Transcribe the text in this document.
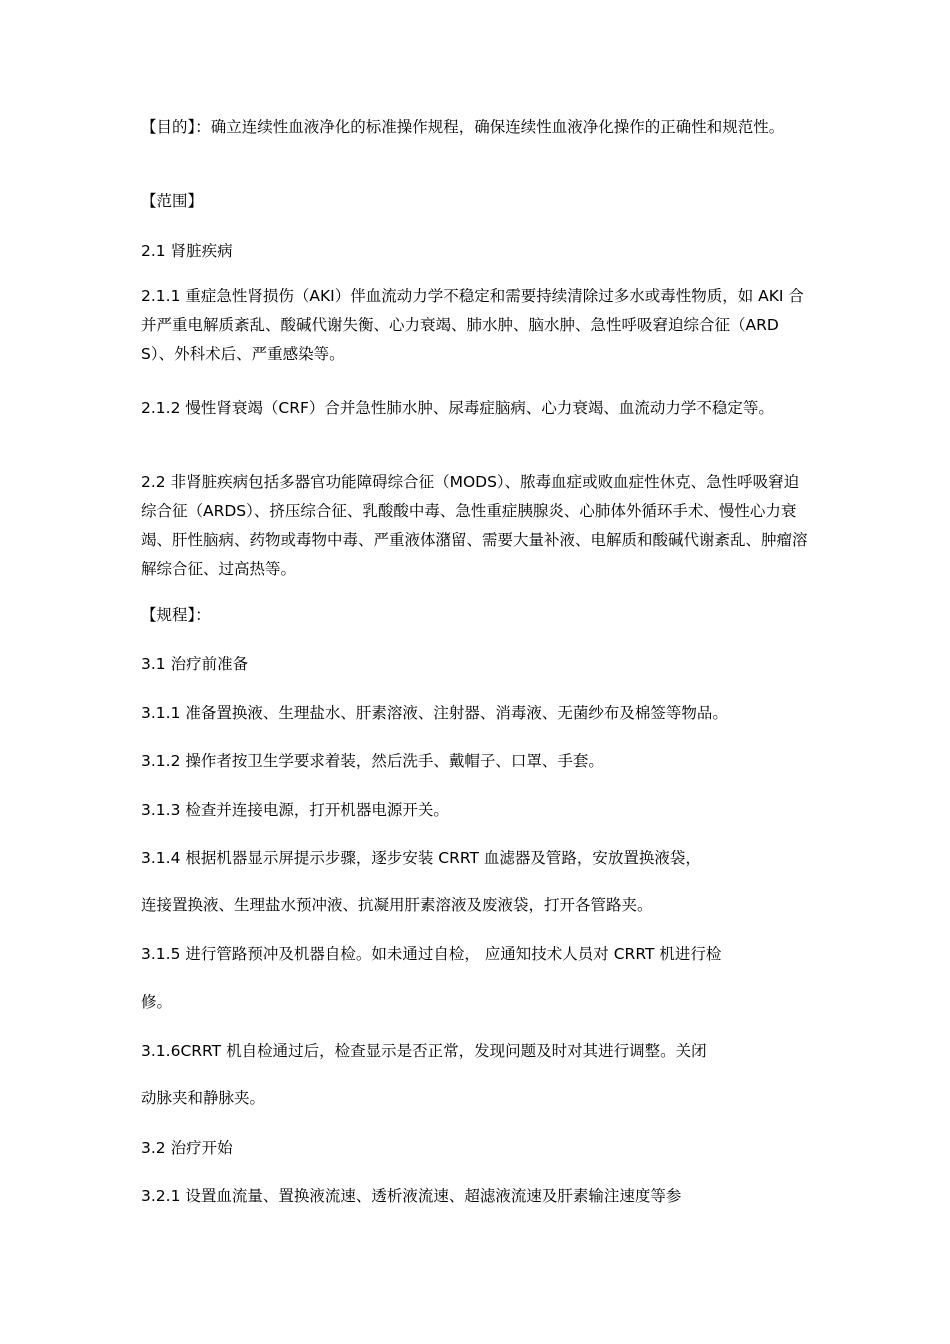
【目的】：确立连续性血液净化的标准操作规程，确保连续性血液净化操作的正确性和规范性。

【范围】

2.1 肾脏疾病

2.1.1 重症急性肾损伤（AKI）伴血流动力学不稳定和需要持续清除过多水或毒性物质，如 AKI 合并严重电解质紊乱、酸碱代谢失衡、心力衰竭、肺水肿、脑水肿、急性呼吸窘迫综合征（ARDS）、外科术后、严重感染等。

2.1.2 慢性肾衰竭（CRF）合并急性肺水肿、尿毒症脑病、心力衰竭、血流动力学不稳定等。

2.2 非肾脏疾病包括多器官功能障碍综合征（MODS）、脓毒血症或败血症性休克、急性呼吸窘迫综合征（ARDS）、挤压综合征、乳酸酸中毒、急性重症胰腺炎、心肺体外循环手术、慢性心力衰竭、肝性脑病、药物或毒物中毒、严重液体潴留、需要大量补液、电解质和酸碱代谢紊乱、肿瘤溶解综合征、过高热等。

【规程】：

3.1 治疗前准备

3.1.1 准备置换液、生理盐水、肝素溶液、注射器、消毒液、无菌纱布及棉签等物品。

3.1.2 操作者按卫生学要求着装，然后洗手、戴帽子、口罩、手套。

3.1.3 检查并连接电源，打开机器电源开关。

3.1.4 根据机器显示屏提示步骤，逐步安装 CRRT 血滤器及管路，安放置换液袋，

连接置换液、生理盐水预冲液、抗凝用肝素溶液及废液袋，打开各管路夹。

3.1.5 进行管路预冲及机器自检。如未通过自检， 应通知技术人员对 CRRT 机进行检

修。

3.1.6CRRT 机自检通过后，检查显示是否正常，发现问题及时对其进行调整。关闭

动脉夹和静脉夹。

3.2 治疗开始

3.2.1 设置血流量、置换液流速、透析液流速、超滤液流速及肝素输注速度等参
